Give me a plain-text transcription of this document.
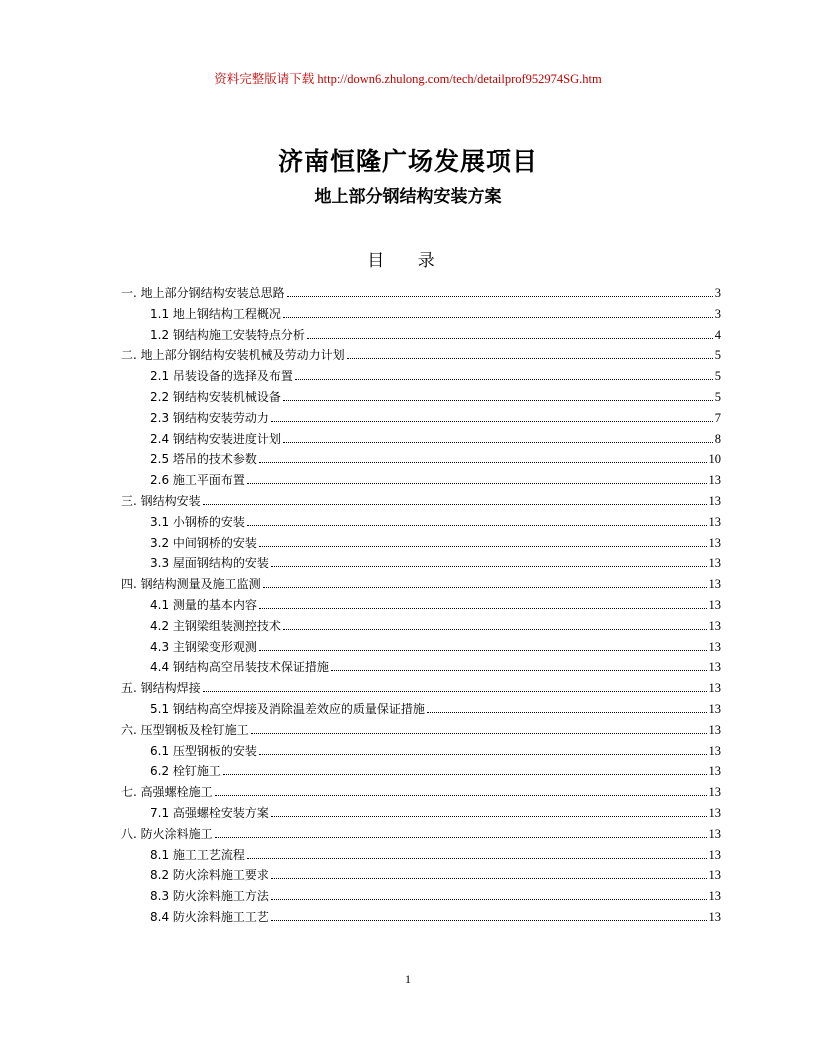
资料完整版请下载 http://down6.zhulong.com/tech/detailprof952974SG.htm
济南恒隆广场发展项目
地上部分钢结构安装方案
目 录
一. 地上部分钢结构安装总思路	3
1.1 地上钢结构工程概况	3
1.2 钢结构施工安装特点分析	4
二. 地上部分钢结构安装机械及劳动力计划	5
2.1 吊装设备的选择及布置	5
2.2 钢结构安装机械设备	5
2.3 钢结构安装劳动力	7
2.4 钢结构安装进度计划	8
2.5 塔吊的技术参数	10
2.6 施工平面布置	13
三. 钢结构安装	13
3.1 小钢桥的安装	13
3.2 中间钢桥的安装	13
3.3 屋面钢结构的安装	13
四. 钢结构测量及施工监测	13
4.1 测量的基本内容	13
4.2 主钢梁组装测控技术	13
4.3 主钢梁变形观测	13
4.4 钢结构高空吊装技术保证措施	13
五. 钢结构焊接	13
5.1 钢结构高空焊接及消除温差效应的质量保证措施	13
六. 压型钢板及栓钉施工	13
6.1 压型钢板的安装	13
6.2 栓钉施工	13
七. 高强螺栓施工	13
7.1 高强螺栓安装方案	13
八. 防火涂料施工	13
8.1 施工工艺流程	13
8.2 防火涂料施工要求	13
8.3 防火涂料施工方法	13
8.4 防火涂料施工工艺	13
1
